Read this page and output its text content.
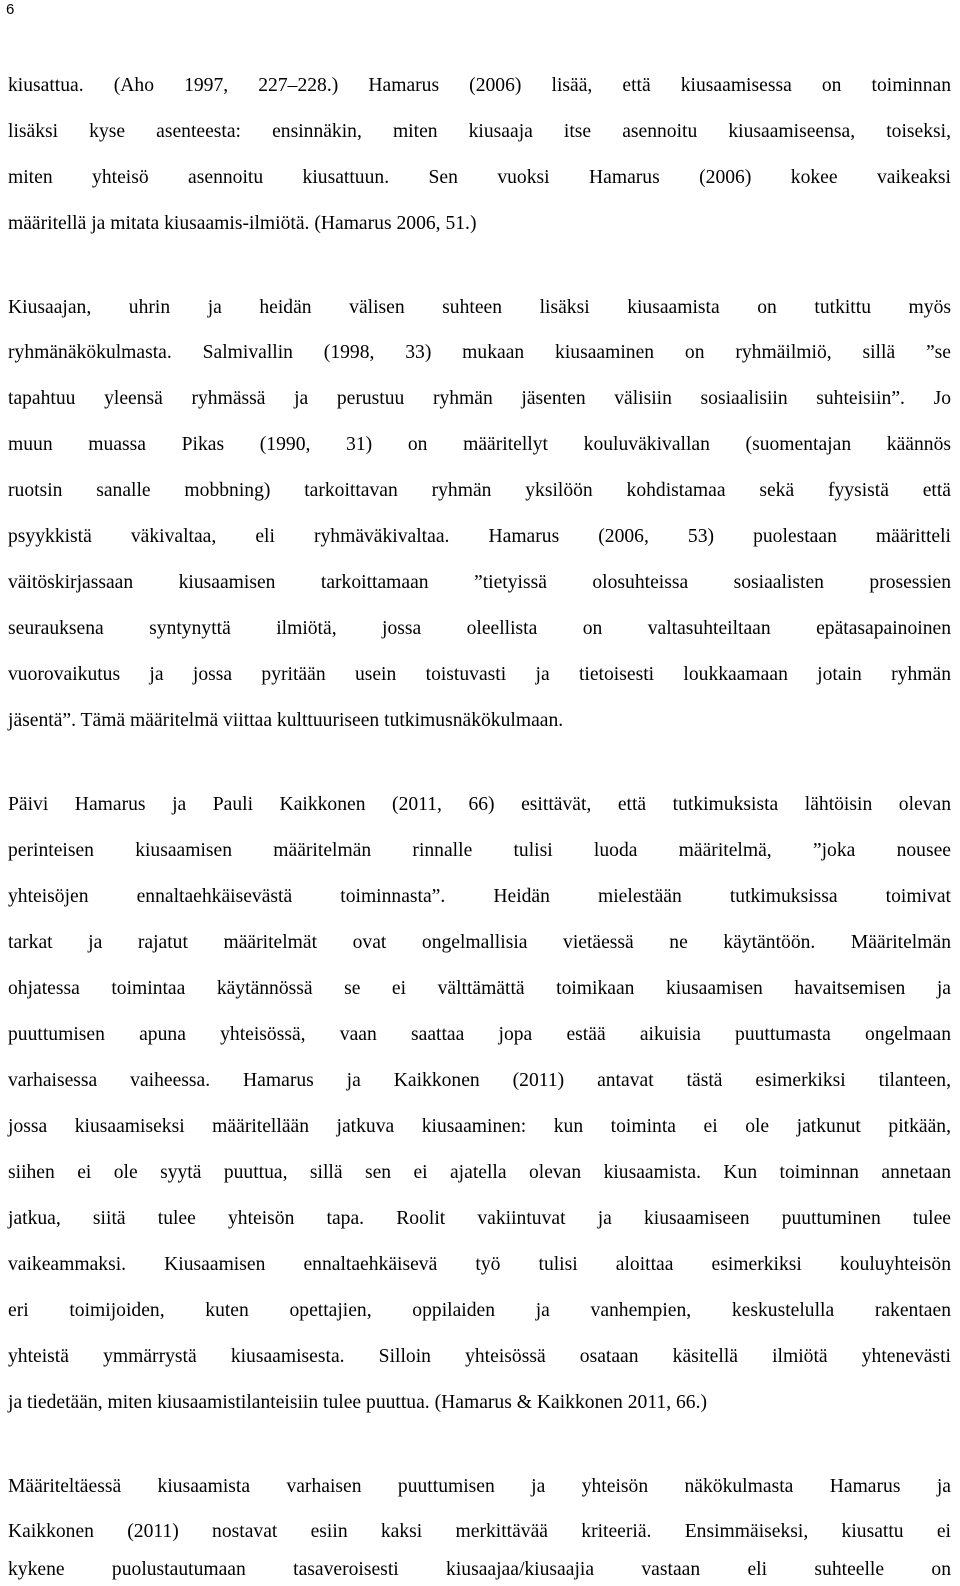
6
kiusattua. (Aho 1997, 227–228.) Hamarus (2006) lisää, että kiusaamisessa on toiminnan
lisäksi kyse asenteesta: ensinnäkin, miten kiusaaja itse asennoitu kiusaamiseensa, toiseksi,
miten yhteisö asennoitu kiusattuun. Sen vuoksi Hamarus (2006) kokee vaikeaksi
määritellä ja mitata kiusaamis-ilmiötä. (Hamarus 2006, 51.)
Kiusaajan, uhrin ja heidän välisen suhteen lisäksi kiusaamista on tutkittu myös
ryhmänäkökulmasta. Salmivallin (1998, 33) mukaan kiusaaminen on ryhmäilmiö, sillä ”se
tapahtuu yleensä ryhmässä ja perustuu ryhmän jäsenten välisiin sosiaalisiin suhteisiin”. Jo
muun muassa Pikas (1990, 31) on määritellyt kouluväkivallan (suomentajan käännös
ruotsin sanalle mobbning) tarkoittavan ryhmän yksilöön kohdistamaa sekä fyysistä että
psyykkistä väkivaltaa, eli ryhmäväkivaltaa. Hamarus (2006, 53) puolestaan määritteli
väitöskirjassaan kiusaamisen tarkoittamaan ”tietyissä olosuhteissa sosiaalisten prosessien
seurauksena syntynyttä ilmiötä, jossa oleellista on valtasuhteiltaan epätasapainoinen
vuorovaikutus ja jossa pyritään usein toistuvasti ja tietoisesti loukkaamaan jotain ryhmän
jäsentä”. Tämä määritelmä viittaa kulttuuriseen tutkimusnäkökulmaan.
Päivi Hamarus ja Pauli Kaikkonen (2011, 66) esittävät, että tutkimuksista lähtöisin olevan
perinteisen kiusaamisen määritelmän rinnalle tulisi luoda määritelmä, ”joka nousee
yhteisöjen ennaltaehkäisevästä toiminnasta”. Heidän mielestään tutkimuksissa toimivat
tarkat ja rajatut määritelmät ovat ongelmallisia vietäessä ne käytäntöön. Määritelmän
ohjatessa toimintaa käytännössä se ei välttämättä toimikaan kiusaamisen havaitsemisen ja
puuttumisen apuna yhteisössä, vaan saattaa jopa estää aikuisia puuttumasta ongelmaan
varhaisessa vaiheessa. Hamarus ja Kaikkonen (2011) antavat tästä esimerkiksi tilanteen,
jossa kiusaamiseksi määritellään jatkuva kiusaaminen: kun toiminta ei ole jatkunut pitkään,
siihen ei ole syytä puuttua, sillä sen ei ajatella olevan kiusaamista. Kun toiminnan annetaan
jatkua, siitä tulee yhteisön tapa. Roolit vakiintuvat ja kiusaamiseen puuttuminen tulee
vaikeammaksi. Kiusaamisen ennaltaehkäisevä työ tulisi aloittaa esimerkiksi kouluyhteisön
eri toimijoiden, kuten opettajien, oppilaiden ja vanhempien, keskustelulla rakentaen
yhteistä ymmärrystä kiusaamisesta. Silloin yhteisössä osataan käsitellä ilmiötä yhtenevästi
ja tiedetään, miten kiusaamistilanteisiin tulee puuttua. (Hamarus & Kaikkonen 2011, 66.)
Määriteltäessä kiusaamista varhaisen puuttumisen ja yhteisön näkökulmasta Hamarus ja
Kaikkonen (2011) nostavat esiin kaksi merkittävää kriteeriä. Ensimmäiseksi, kiusattu ei
kykene puolustautumaan tasaveroisesti kiusaajaa/kiusaajia vastaan eli suhteelle on
